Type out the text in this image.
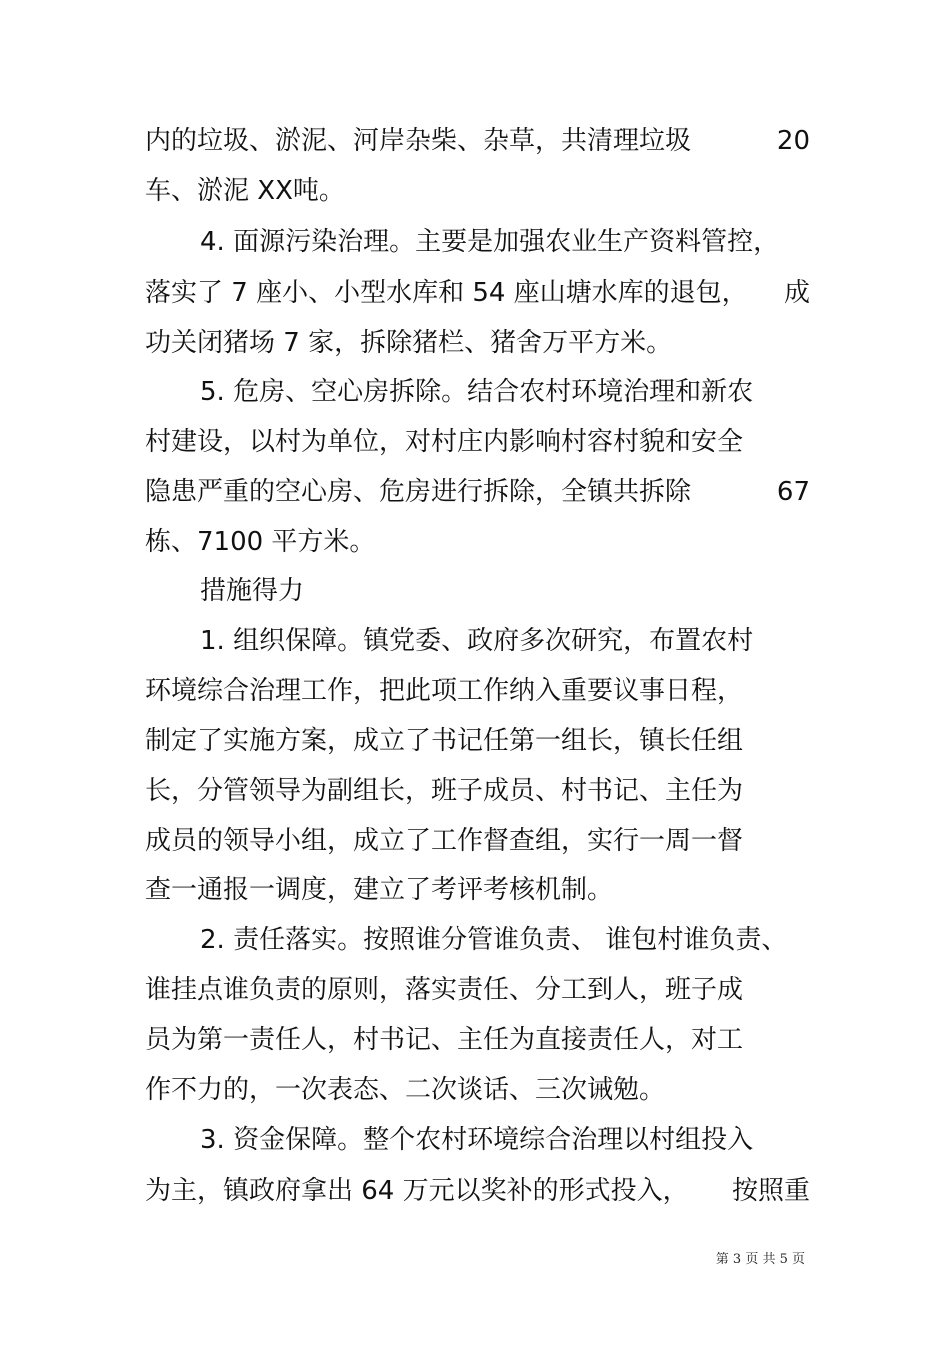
内的垃圾、淤泥、河岸杂柴、杂草，共清理垃圾	20
车、淤泥 XX吨。
4. 面源污染治理。主要是加强农业生产资料管控，
落实了 7 座小、小型水库和 54 座山塘水库的退包， 成
功关闭猪场 7 家，拆除猪栏、猪舍万平方米。
5. 危房、空心房拆除。结合农村环境治理和新农
村建设，以村为单位，对村庄内影响村容村貌和安全
隐患严重的空心房、危房进行拆除，全镇共拆除	67
栋、7100 平方米。
措施得力
1. 组织保障。镇党委、政府多次研究，布置农村
环境综合治理工作，把此项工作纳入重要议事日程，
制定了实施方案，成立了书记任第一组长，镇长任组
长，分管领导为副组长，班子成员、村书记、主任为
成员的领导小组，成立了工作督查组，实行一周一督
查一通报一调度，建立了考评考核机制。
2. 责任落实。按照谁分管谁负责、 谁包村谁负责、
谁挂点谁负责的原则，落实责任、分工到人，班子成
员为第一责任人，村书记、主任为直接责任人，对工
作不力的，一次表态、二次谈话、三次诫勉。
3. 资金保障。整个农村环境综合治理以村组投入
为主，镇政府拿出 64 万元以奖补的形式投入， 按照重
第 3 页 共 5 页
